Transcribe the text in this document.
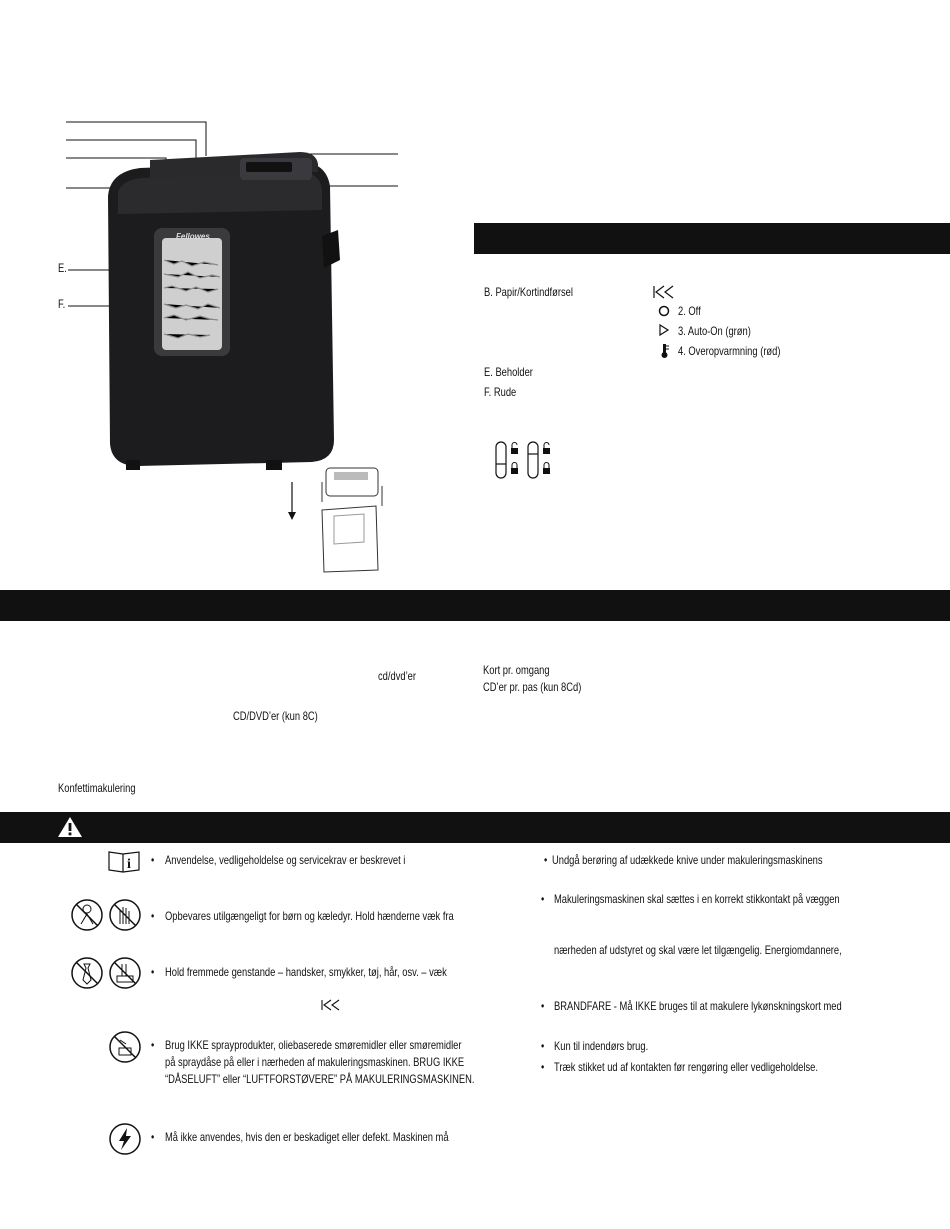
E.
F.
B. Papir/Kortindførsel
E. Beholder
F. Rude
2. Off
3. Auto-On (grøn)
4. Overopvarmning (rød)
cd/dvd’er
CD/DVD’er (kun 8C)
Konfettimakulering
Kort pr. omgang
CD’er pr. pas (kun 8Cd)
i • Anvendelse, vedligeholdelse og servicekrav er beskrevet i
• Opbevares utilgængeligt for børn og kæledyr. Hold hænderne væk fra
• Hold fremmede genstande – handsker, smykker, tøj, hår, osv. – væk
• Brug IKKE sprayprodukter, oliebaserede smøremidler eller smøremidler
på spraydåse på eller i nærheden af makuleringsmaskinen. BRUG IKKE
“DÅSELUFT” eller “LUFTFORSTØVERE” PÅ MAKULERINGSMASKINEN.
• Må ikke anvendes, hvis den er beskadiget eller defekt. Maskinen må
• Undgå berøring af udækkede knive under makuleringsmaskinens
• Makuleringsmaskinen skal sættes i en korrekt stikkontakt på væggen
nærheden af udstyret og skal være let tilgængelig. Energiomdannere,
• BRANDFARE - Må IKKE bruges til at makulere lykønskningskort med
• Kun til indendørs brug.
• Træk stikket ud af kontakten før rengøring eller vedligeholdelse.
Fellowes
